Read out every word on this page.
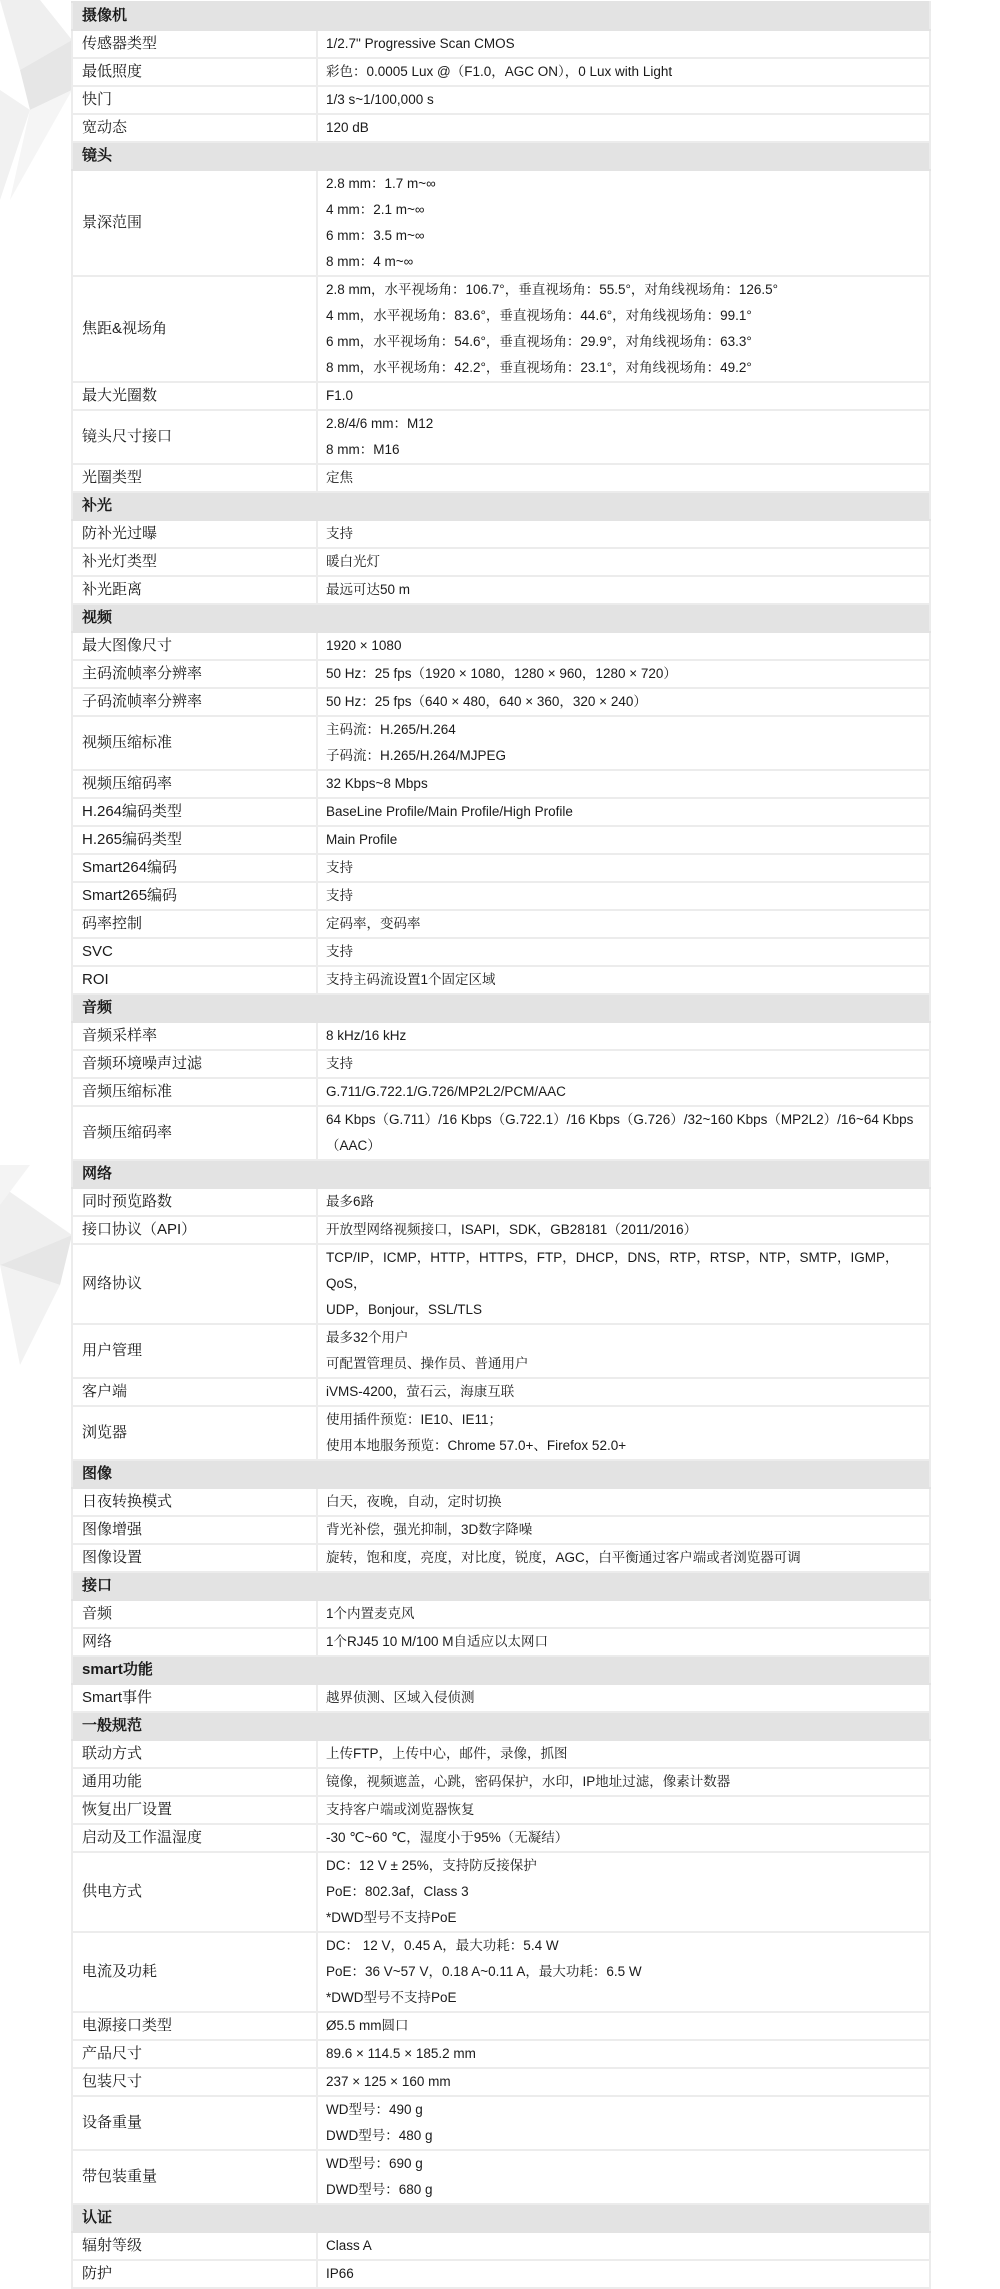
摄像机	
传感器类型	1/2.7" Progressive Scan CMOS

最低照度	彩色：0.0005 Lux @（F1.0，AGC ON），0 Lux with Light

快门	1/3 s~1/100,000 s

宽动态	120 dB

镜头	
景深范围	2.8 mm：1.7 m~∞
4 mm：2.1 m~∞
6 mm：3.5 m~∞
8 mm：4 m~∞

焦距&视场角	2.8 mm，水平视场角：106.7°，垂直视场角：55.5°，对角线视场角：126.5°
4 mm，水平视场角：83.6°，垂直视场角：44.6°，对角线视场角：99.1°
6 mm，水平视场角：54.6°，垂直视场角：29.9°，对角线视场角：63.3°
8 mm，水平视场角：42.2°，垂直视场角：23.1°，对角线视场角：49.2°

最大光圈数	F1.0

镜头尺寸接口	2.8/4/6 mm：M12
8 mm：M16

光圈类型	定焦

补光	
防补光过曝	支持

补光灯类型	暖白光灯

补光距离	最远可达50 m

视频	
最大图像尺寸	1920 × 1080

主码流帧率分辨率	50 Hz：25 fps（1920 × 1080，1280 × 960，1280 × 720）

子码流帧率分辨率	50 Hz：25 fps（640 × 480，640 × 360，320 × 240）

视频压缩标准	主码流：H.265/H.264
子码流：H.265/H.264/MJPEG

视频压缩码率	32 Kbps~8 Mbps

H.264编码类型	BaseLine Profile/Main Profile/High Profile

H.265编码类型	Main Profile

Smart264编码	支持

Smart265编码	支持

码率控制	定码率，变码率

SVC	支持

ROI	支持主码流设置1个固定区域

音频	
音频采样率	8 kHz/16 kHz

音频环境噪声过滤	支持

音频压缩标准	G.711/G.722.1/G.726/MP2L2/PCM/AAC

音频压缩码率	64 Kbps（G.711）/16 Kbps（G.722.1）/16 Kbps（G.726）/32~160 Kbps（MP2L2）/16~64 Kbps
（AAC）

网络	
同时预览路数	最多6路

接口协议（API）	开放型网络视频接口，ISAPI，SDK，GB28181（2011/2016）

网络协议	TCP/IP，ICMP，HTTP，HTTPS，FTP，DHCP，DNS，RTP，RTSP，NTP，SMTP，IGMP，QoS，
UDP，Bonjour，SSL/TLS

用户管理	最多32个用户
可配置管理员、操作员、普通用户

客户端	iVMS-4200，萤石云，海康互联

浏览器	使用插件预览：IE10、IE11；
使用本地服务预览：Chrome 57.0+、Firefox 52.0+

图像	
日夜转换模式	白天，夜晚，自动，定时切换

图像增强	背光补偿，强光抑制，3D数字降噪

图像设置	旋转，饱和度，亮度，对比度，锐度，AGC，白平衡通过客户端或者浏览器可调

接口	
音频	1个内置麦克风

网络	1个RJ45 10 M/100 M自适应以太网口

smart功能	
Smart事件	越界侦测、区域入侵侦测

一般规范	
联动方式	上传FTP，上传中心，邮件，录像，抓图

通用功能	镜像，视频遮盖，心跳，密码保护，水印，IP地址过滤，像素计数器

恢复出厂设置	支持客户端或浏览器恢复

启动及工作温湿度	-30 ℃~60 ℃，湿度小于95%（无凝结）

供电方式	DC：12 V ± 25%，支持防反接保护
PoE：802.3af，Class 3
*DWD型号不支持PoE

电流及功耗	DC： 12 V，0.45 A，最大功耗：5.4 W
PoE：36 V~57 V，0.18 A~0.11 A，最大功耗：6.5 W
*DWD型号不支持PoE

电源接口类型	Ø5.5 mm圆口

产品尺寸	89.6 × 114.5 × 185.2 mm

包装尺寸	237 × 125 × 160 mm

设备重量	WD型号：490 g
DWD型号：480 g

带包装重量	WD型号：690 g
DWD型号：680 g

认证	
辐射等级	Class A

防护	IP66
